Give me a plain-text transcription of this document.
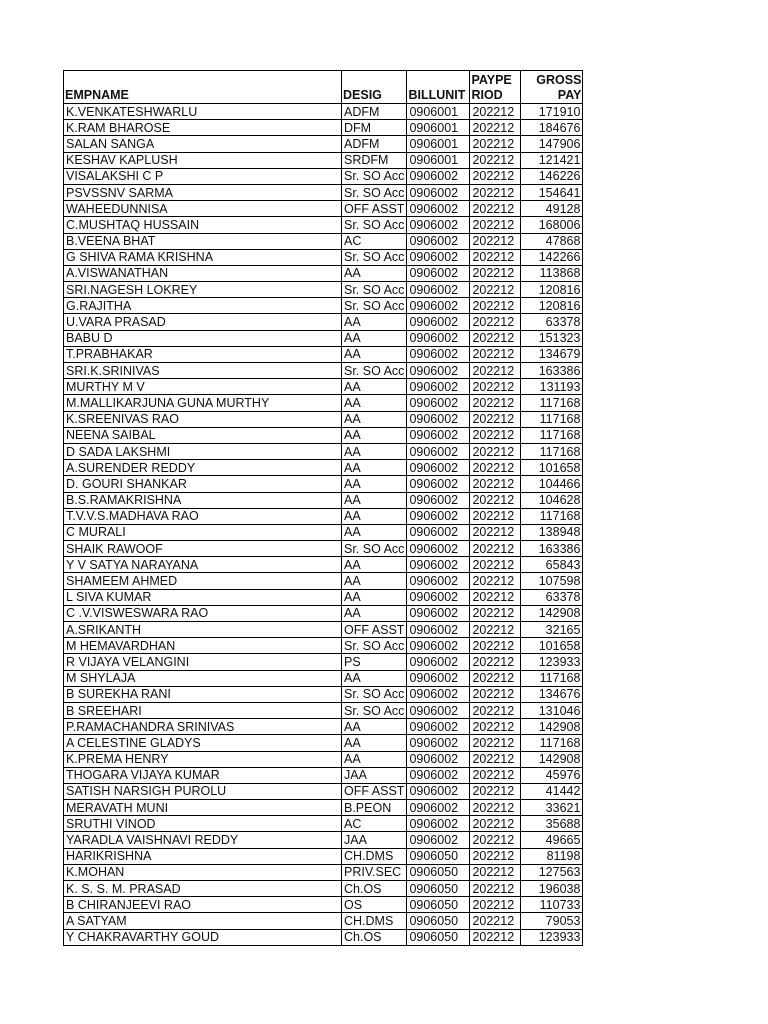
EMPNAME	DESIG	BILLUNIT	PAYPE RIOD	GROSS PAY
K.VENKATESHWARLU	ADFM	0906001	202212	171910
K.RAM BHAROSE	DFM	0906001	202212	184676
SALAN SANGA	ADFM	0906001	202212	147906
KESHAV KAPLUSH	SRDFM	0906001	202212	121421
VISALAKSHI C P	Sr. SO Acc	0906002	202212	146226
PSVSSNV SARMA	Sr. SO Acc	0906002	202212	154641
WAHEEDUNNISA	OFF ASST	0906002	202212	49128
C.MUSHTAQ HUSSAIN	Sr. SO Acc	0906002	202212	168006
B.VEENA BHAT	AC	0906002	202212	47868
G SHIVA RAMA KRISHNA	Sr. SO Acc	0906002	202212	142266
A.VISWANATHAN	AA	0906002	202212	113868
SRI.NAGESH LOKREY	Sr. SO Acc	0906002	202212	120816
G.RAJITHA	Sr. SO Acc	0906002	202212	120816
U.VARA PRASAD	AA	0906002	202212	63378
BABU D	AA	0906002	202212	151323
T.PRABHAKAR	AA	0906002	202212	134679
SRI.K.SRINIVAS	Sr. SO Acc	0906002	202212	163386
MURTHY M V	AA	0906002	202212	131193
M.MALLIKARJUNA GUNA MURTHY	AA	0906002	202212	117168
K.SREENIVAS RAO	AA	0906002	202212	117168
NEENA SAIBAL	AA	0906002	202212	117168
D SADA LAKSHMI	AA	0906002	202212	117168
A.SURENDER REDDY	AA	0906002	202212	101658
D. GOURI SHANKAR	AA	0906002	202212	104466
B.S.RAMAKRISHNA	AA	0906002	202212	104628
T.V.V.S.MADHAVA RAO	AA	0906002	202212	117168
C MURALI	AA	0906002	202212	138948
SHAIK RAWOOF	Sr. SO Acc	0906002	202212	163386
Y V SATYA NARAYANA	AA	0906002	202212	65843
SHAMEEM AHMED	AA	0906002	202212	107598
L SIVA KUMAR	AA	0906002	202212	63378
C .V.VISWESWARA RAO	AA	0906002	202212	142908
A.SRIKANTH	OFF ASST	0906002	202212	32165
M HEMAVARDHAN	Sr. SO Acc	0906002	202212	101658
R VIJAYA VELANGINI	PS	0906002	202212	123933
M SHYLAJA	AA	0906002	202212	117168
B SUREKHA RANI	Sr. SO Acc	0906002	202212	134676
B SREEHARI	Sr. SO Acc	0906002	202212	131046
P.RAMACHANDRA SRINIVAS	AA	0906002	202212	142908
A CELESTINE GLADYS	AA	0906002	202212	117168
K.PREMA HENRY	AA	0906002	202212	142908
THOGARA VIJAYA KUMAR	JAA	0906002	202212	45976
SATISH NARSIGH PUROLU	OFF ASST	0906002	202212	41442
MERAVATH MUNI	B.PEON	0906002	202212	33621
SRUTHI VINOD	AC	0906002	202212	35688
YARADLA VAISHNAVI REDDY	JAA	0906002	202212	49665
HARIKRISHNA	CH.DMS	0906050	202212	81198
K.MOHAN	PRIV.SEC	0906050	202212	127563
K. S. S. M. PRASAD	Ch.OS	0906050	202212	196038
B CHIRANJEEVI RAO	OS	0906050	202212	110733
A SATYAM	CH.DMS	0906050	202212	79053
Y CHAKRAVARTHY GOUD	Ch.OS	0906050	202212	123933
